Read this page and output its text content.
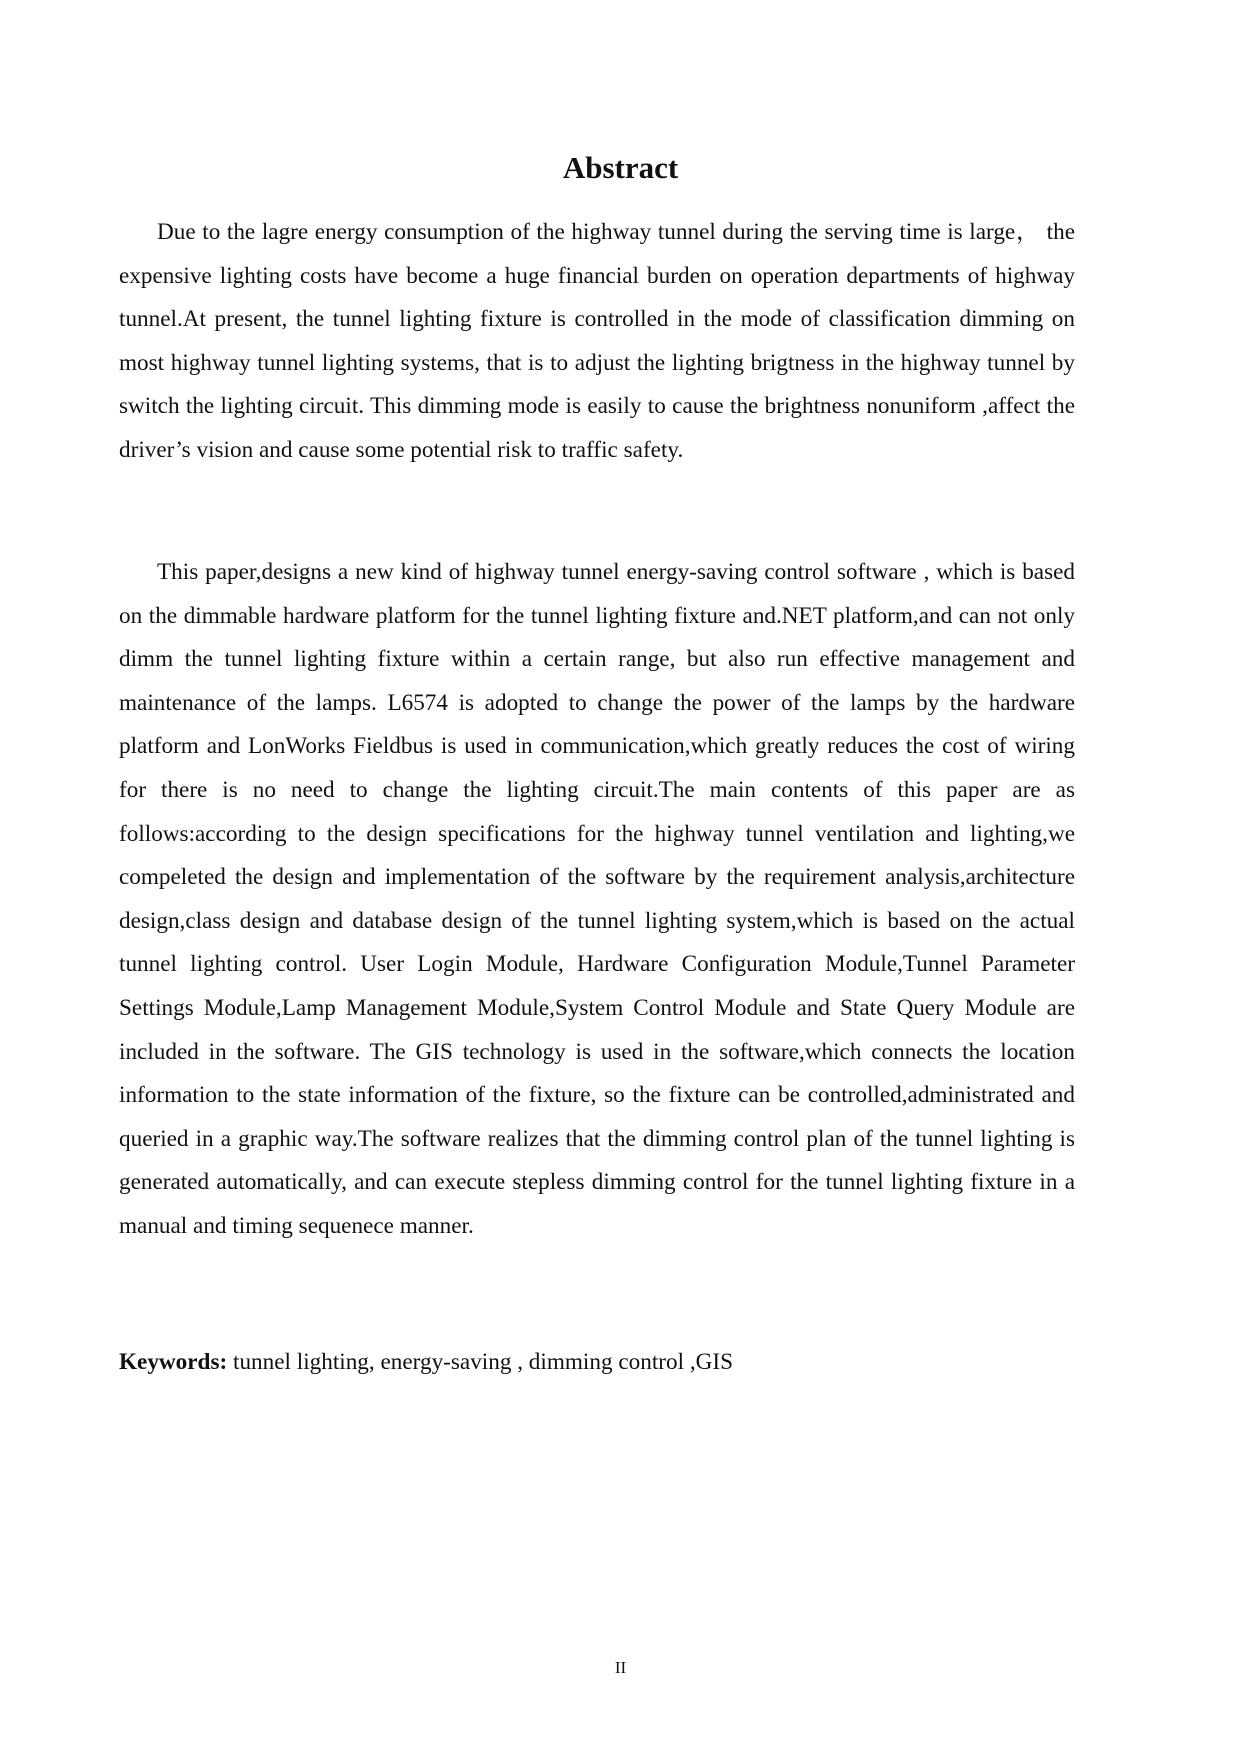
Abstract

Due to the lagre energy consumption of the highway tunnel during the serving time is large， the expensive lighting costs have become a huge financial burden on operation departments of highway tunnel.At present, the tunnel lighting fixture is controlled in the mode of classification dimming on most highway tunnel lighting systems, that is to adjust the lighting brigtness in the highway tunnel by switch the lighting circuit. This dimming mode is easily to cause the brightness nonuniform ,affect the driver’s vision and cause some potential risk to traffic safety.

This paper,designs a new kind of highway tunnel energy-saving control software , which is based on the dimmable hardware platform for the tunnel lighting fixture and.NET platform,and can not only dimm the tunnel lighting fixture within a certain range, but also run effective management and maintenance of the lamps. L6574 is adopted to change the power of the lamps by the hardware platform and LonWorks Fieldbus is used in communication,which greatly reduces the cost of wiring for there is no need to change the lighting circuit.The main contents of this paper are as follows:according to the design specifications for the highway tunnel ventilation and lighting,we compeleted the design and implementation of the software by the requirement analysis,architecture design,class design and database design of the tunnel lighting system,which is based on the actual tunnel lighting control. User Login Module, Hardware Configuration Module,Tunnel Parameter Settings Module,Lamp Management Module,System Control Module and State Query Module are included in the software. The GIS technology is used in the software,which connects the location information to the state information of the fixture, so the fixture can be controlled,administrated and queried in a graphic way.The software realizes that the dimming control plan of the tunnel lighting is generated automatically, and can execute stepless dimming control for the tunnel lighting fixture in a manual and timing sequenece manner.

Keywords: tunnel lighting, energy-saving , dimming control ,GIS

II
